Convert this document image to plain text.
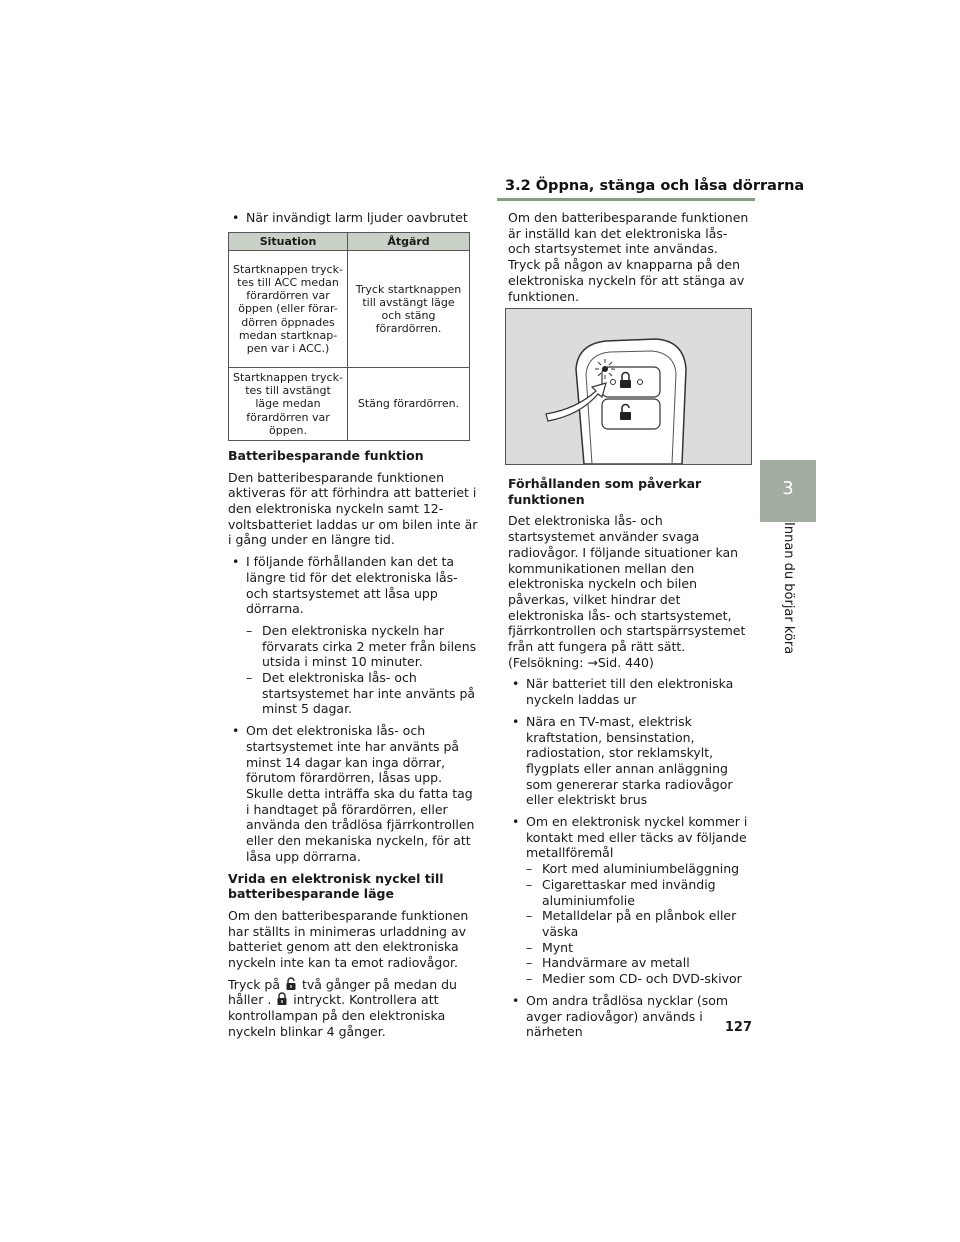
3.2 Öppna, stänga och låsa dörrarna
3
Innan du börjar köra
• När invändigt larm ljuder oavbrutet
Situation	Åtgärd
Startknappen tryck-tes till ACC medan förardörren var öppen (eller förar-dörren öppnades medan startknap-pen var i ACC.)	Tryck startknappen till avstängt läge och stäng förardörren.
Startknappen tryck-tes till avstängt läge medan förardörren var öppen.	Stäng förardörren.
Batteribesparande funktion

Den batteribesparande funktionen aktiveras för att förhindra att batteriet i den elektroniska nyckeln samt 12-voltsbatteriet laddas ur om bilen inte är i gång under en längre tid.

• I följande förhållanden kan det ta längre tid för det elektroniska lås- och startsystemet att låsa upp dörrarna.
– Den elektroniska nyckeln har förvarats cirka 2 meter från bilens utsida i minst 10 minuter.
– Det elektroniska lås- och startsystemet har inte använts på minst 5 dagar.
• Om det elektroniska lås- och startsystemet inte har använts på minst 14 dagar kan inga dörrar, förutom förardörren, låsas upp. Skulle detta inträffa ska du fatta tag i handtaget på förardörren, eller använda den trådlösa fjärrkontrollen eller den mekaniska nyckeln, för att låsa upp dörrarna.
Vrida en elektronisk nyckel till batteribesparande läge

Om den batteribesparande funktionen har ställts in minimeras urladdning av batteriet genom att den elektroniska nyckeln inte kan ta emot radiovågor.

Tryck på två gånger på medan du håller . intryckt. Kontrollera att kontrollampan på den elektroniska nyckeln blinkar 4 gånger.

Om den batteribesparande funktionen är inställd kan det elektroniska lås- och startsystemet inte användas. Tryck på någon av knapparna på den elektroniska nyckeln för att stänga av funktionen.

Förhållanden som påverkar funktionen

Det elektroniska lås- och startsystemet använder svaga radiovågor. I följande situationer kan kommunikationen mellan den elektroniska nyckeln och bilen påverkas, vilket hindrar det elektroniska lås- och startsystemet, fjärrkontrollen och startspärrsystemet från att fungera på rätt sätt. (Felsökning: →Sid. 440)

• När batteriet till den elektroniska nyckeln laddas ur
• Nära en TV-mast, elektrisk kraftstation, bensinstation, radiostation, stor reklamskylt, flygplats eller annan anläggning som genererar starka radiovågor eller elektriskt brus
• Om en elektronisk nyckel kommer i kontakt med eller täcks av följande metallföremål
– Kort med aluminiumbeläggning
– Cigarettaskar med invändig aluminiumfolie
– Metalldelar på en plånbok eller väska
– Mynt
– Handvärmare av metall
– Medier som CD- och DVD-skivor
• Om andra trådlösa nycklar (som avger radiovågor) används i närheten	127
